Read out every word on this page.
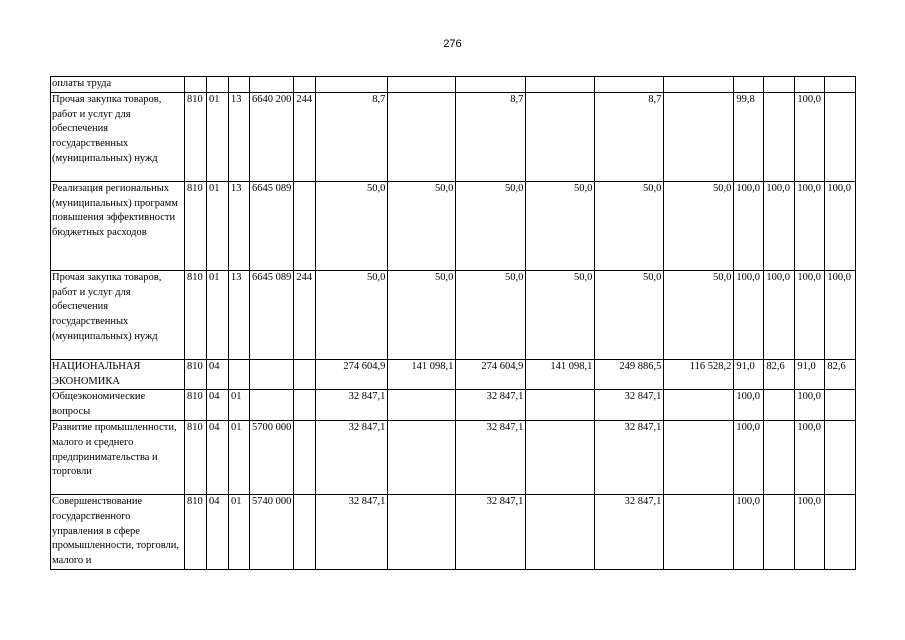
276
оплаты труда															
Прочая закупка товаров, работ и услуг для обеспечения государственных (муниципальных) нужд	810	01	13	6640 200	244	8,7		8,7		8,7		99,8		100,0	
Реализация региональных (муниципальных) программ повышения эффективности бюджетных расходов	810	01	13	6645 089		50,0	50,0	50,0	50,0	50,0	50,0	100,0	100,0	100,0	100,0
Прочая закупка товаров, работ и услуг для обеспечения государственных (муниципальных) нужд	810	01	13	6645 089	244	50,0	50,0	50,0	50,0	50,0	50,0	100,0	100,0	100,0	100,0
НАЦИОНАЛЬНАЯ ЭКОНОМИКА	810	04				274 604,9	141 098,1	274 604,9	141 098,1	249 886,5	116 528,2	91,0	82,6	91,0	82,6
Общеэкономические вопросы	810	04	01			32 847,1		32 847,1		32 847,1		100,0		100,0	
Развитие промышленности, малого и среднего предпринимательства и торговли	810	04	01	5700 000		32 847,1		32 847,1		32 847,1		100,0		100,0	
Совершенствование государственного управления в сфере промышленности, торговли, малого и	810	04	01	5740 000		32 847,1		32 847,1		32 847,1		100,0		100,0	
